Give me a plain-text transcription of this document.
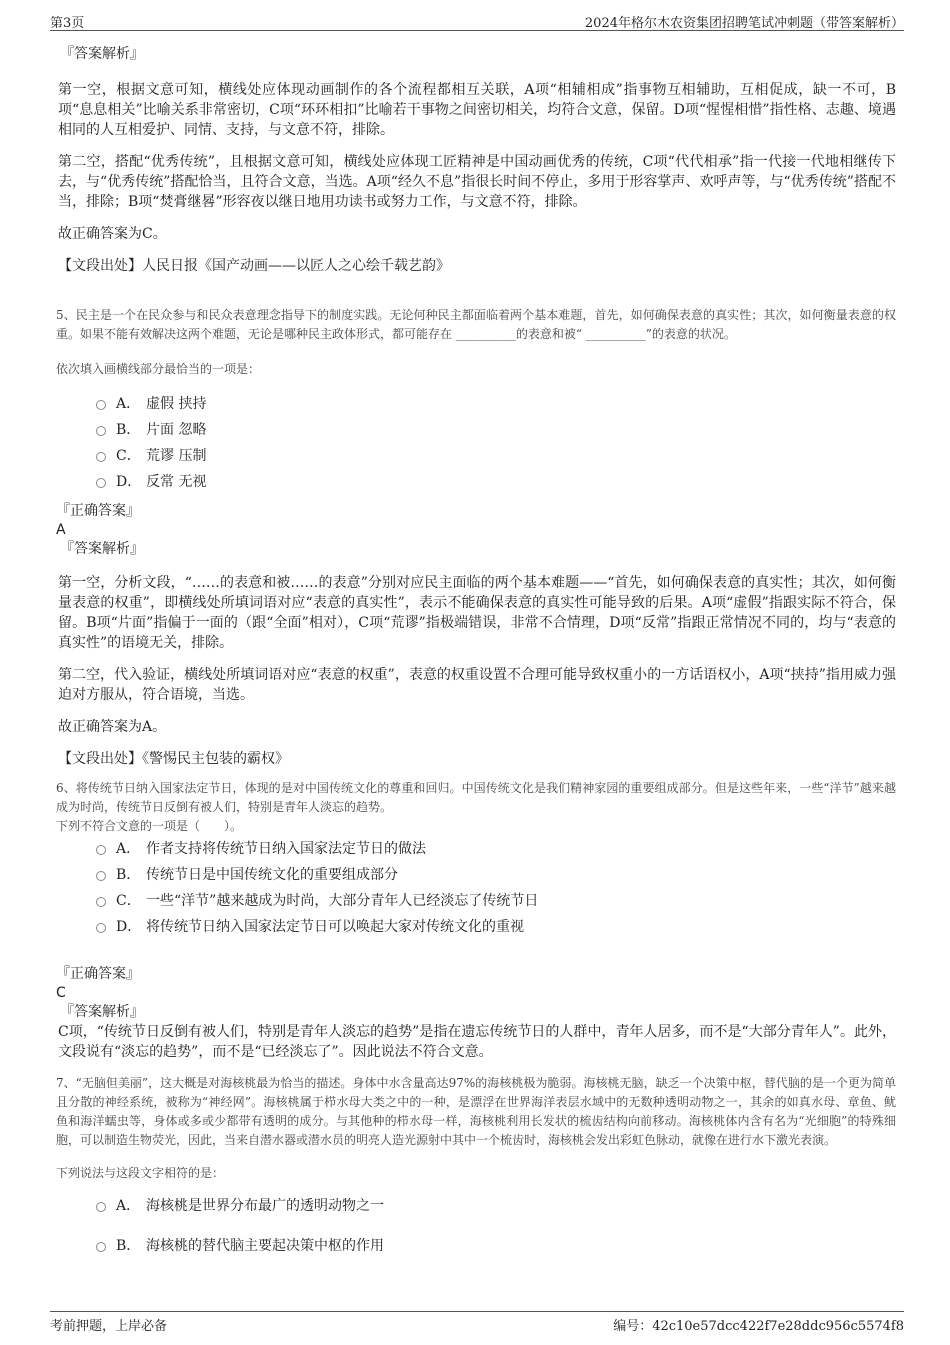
第3页	2024年格尔木农资集团招聘笔试冲刺题（带答案解析）
『答案解析』

第一空，根据文意可知，横线处应体现动画制作的各个流程都相互关联，A项“相辅相成”指事物互相辅助，互相促成，缺一不可，B项“息息相关”比喻关系非常密切，C项“环环相扣”比喻若干事物之间密切相关，均符合文意，保留。D项“惺惺相惜”指性格、志趣、境遇相同的人互相爱护、同情、支持，与文意不符，排除。

第二空，搭配“优秀传统”，且根据文意可知，横线处应体现工匠精神是中国动画优秀的传统，C项“代代相承”指一代接一代地相继传下去，与“优秀传统”搭配恰当，且符合文意，当选。A项“经久不息”指很长时间不停止，多用于形容掌声、欢呼声等，与“优秀传统”搭配不当，排除；B项“焚膏继晷”形容夜以继日地用功读书或努力工作，与文意不符，排除。

故正确答案为C。

【文段出处】人民日报《国产动画——以匠人之心绘千载艺韵》

5、民主是一个在民众参与和民众表意理念指导下的制度实践。无论何种民主都面临着两个基本难题，首先，如何确保表意的真实性；其次，如何衡量表意的权重。如果不能有效解决这两个难题，无论是哪种民主政体形式，都可能存在 __________的表意和被“ __________”的表意的状况。

依次填入画横线部分最恰当的一项是：

A． 虚假 挟持
B． 片面 忽略
C． 荒谬 压制
D． 反常 无视
『正确答案』
A
『答案解析』

第一空，分析文段，“……的表意和被……的表意”分别对应民主面临的两个基本难题——“首先，如何确保表意的真实性；其次，如何衡量表意的权重”，即横线处所填词语对应“表意的真实性”，表示不能确保表意的真实性可能导致的后果。A项“虚假”指跟实际不符合，保留。B项“片面”指偏于一面的（跟“全面”相对），C项“荒谬”指极端错误，非常不合情理，D项“反常”指跟正常情况不同的，均与“表意的真实性”的语境无关，排除。

第二空，代入验证，横线处所填词语对应“表意的权重”，表意的权重设置不合理可能导致权重小的一方话语权小，A项“挟持”指用威力强迫对方服从，符合语境，当选。

故正确答案为A。

【文段出处】《警惕民主包装的霸权》

6、将传统节日纳入国家法定节日，体现的是对中国传统文化的尊重和回归。中国传统文化是我们精神家园的重要组成部分。但是这些年来，一些“洋节”越来越成为时尚，传统节日反倒有被人们，特别是青年人淡忘的趋势。

下列不符合文意的一项是（　　）。

A． 作者支持将传统节日纳入国家法定节日的做法
B． 传统节日是中国传统文化的重要组成部分
C． 一些“洋节”越来越成为时尚，大部分青年人已经淡忘了传统节日
D． 将传统节日纳入国家法定节日可以唤起大家对传统文化的重视
『正确答案』
C
『答案解析』

C项，“传统节日反倒有被人们，特别是青年人淡忘的趋势”是指在遗忘传统节日的人群中，青年人居多，而不是“大部分青年人”。此外，文段说有“淡忘的趋势”，而不是“已经淡忘了”。因此说法不符合文意。

7、“无脑但美丽”，这大概是对海核桃最为恰当的描述。身体中水含量高达97%的海核桃极为脆弱。海核桃无脑，缺乏一个决策中枢，替代脑的是一个更为简单且分散的神经系统，被称为“神经网”。海核桃属于栉水母大类之中的一种，是漂浮在世界海洋表层水域中的无数种透明动物之一，其余的如真水母、章鱼、鱿鱼和海洋蠕虫等，身体或多或少都带有透明的成分。与其他种的栉水母一样，海核桃利用长发状的梳齿结构向前移动。海核桃体内含有名为“光细胞”的特殊细胞，可以制造生物荧光，因此，当来自潜水器或潜水员的明亮人造光源射中其中一个梳齿时，海核桃会发出彩虹色脉动，就像在进行水下激光表演。

下列说法与这段文字相符的是：

A． 海核桃是世界分布最广的透明动物之一
B． 海核桃的替代脑主要起决策中枢的作用
考前押题，上岸必备	编号：42c10e57dcc422f7e28ddc956c5574f8
